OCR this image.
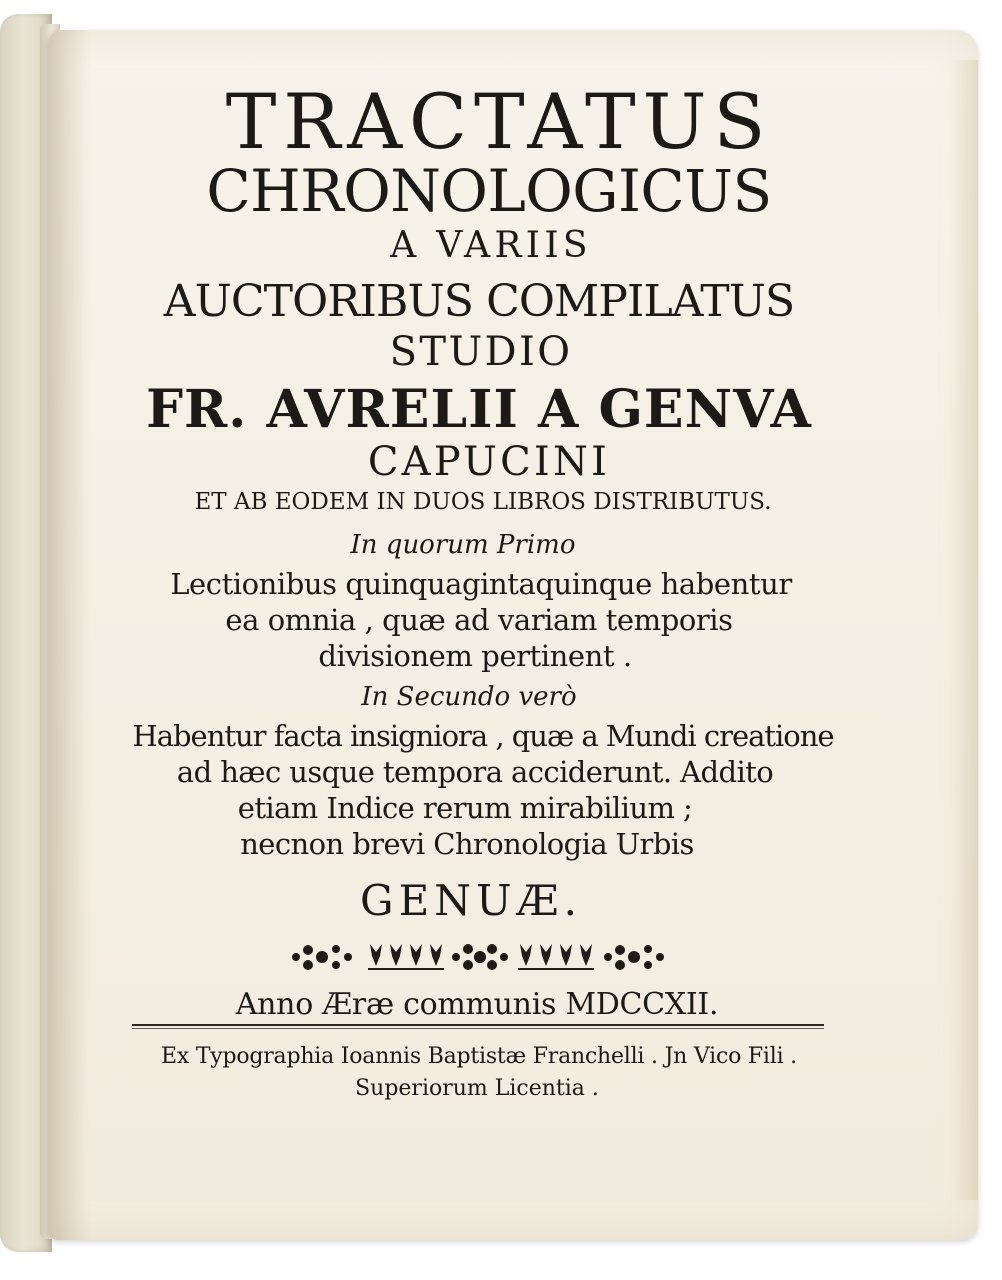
TRACTATUS
CHRONOLOGICUS
A VARIIS
AUCTORIBUS COMPILATUS
STUDIO
FR. AVRELII A GENVA
CAPUCINI
ET AB EODEM IN DUOS LIBROS DISTRIBUTUS.
In quorum Primo
Lectionibus quinquagintaquinque habentur
ea omnia , quæ ad variam temporis
divisionem pertinent .
In Secundo verò
Habentur facta insigniora , quæ a Mundi creatione
ad hæc usque tempora acciderunt. Addito
etiam Indice rerum mirabilium ;
necnon brevi Chronologia Urbis
GENUÆ.
Anno Æræ communis MDCCXII.
Ex Typographia Ioannis Baptistæ Franchelli . Jn Vico Fili .
Superiorum Licentia .
